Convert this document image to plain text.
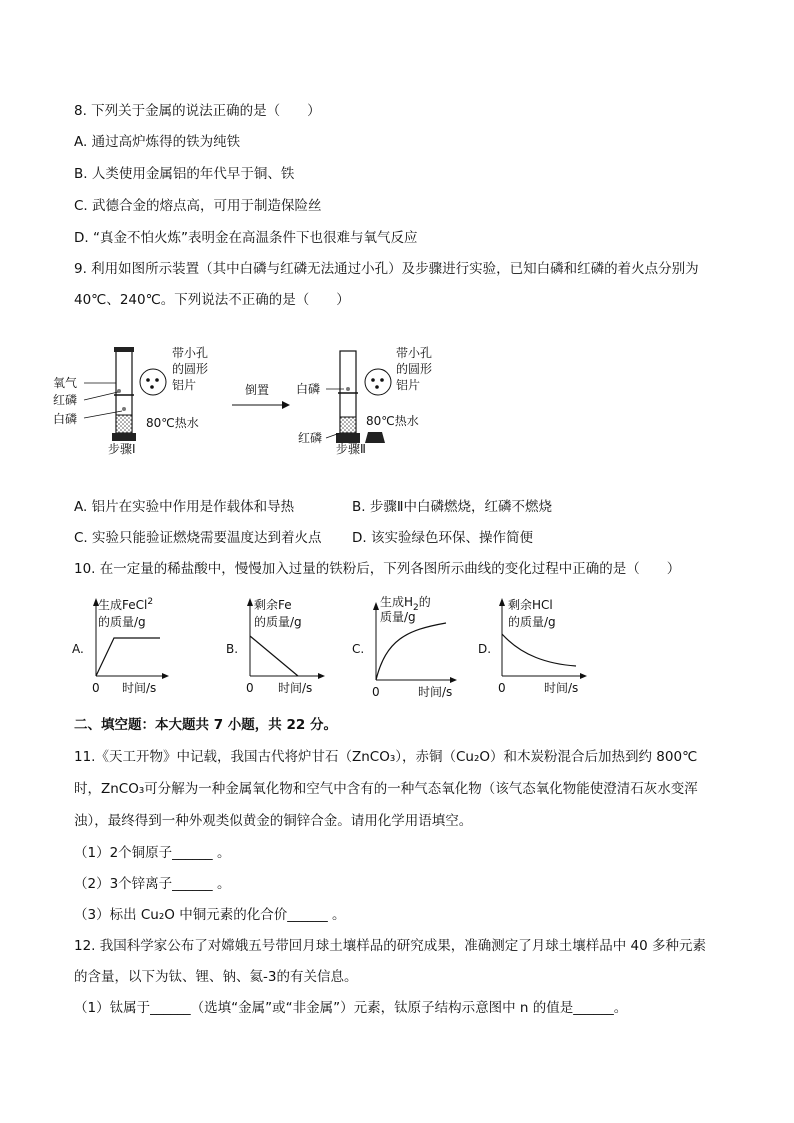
8. 下列关于金属的说法正确的是（　　）
A. 通过高炉炼得的铁为纯铁
B. 人类使用金属铝的年代早于铜、铁
C. 武德合金的熔点高，可用于制造保险丝
D. “真金不怕火炼”表明金在高温条件下也很难与氧气反应
9. 利用如图所示装置（其中白磷与红磷无法通过小孔）及步骤进行实验，已知白磷和红磷的着火点分别为
40℃、240℃。下列说法不正确的是（　　）
氧气
红磷
白磷
带小孔
的圆形
铝片
80℃热水
步骤Ⅰ
倒置 白磷
红磷
带小孔
的圆形
铝片
80℃热水
步骤Ⅱ
A. 铝片在实验中作用是作载体和导热	B. 步骤Ⅱ中白磷燃烧，红磷不燃烧
C. 实验只能验证燃烧需要温度达到着火点 D. 该实验绿色环保、操作简便
10. 在一定量的稀盐酸中，慢慢加入过量的铁粉后，下列各图所示曲线的变化过程中正确的是（　　）
A.
生成FeCl$^2$
的质量/g
0 时间/s
B.
剩余Fe
的质量/g
0 时间/s
C.
生成$H_2$的
质量/g
0	时间/s
D.
剩余HCl
的质量/g
0	时间/s
二、填空题：本大题共 7 小题，共 22 分。
11.《天工开物》中记载，我国古代将炉甘石（ZnCO₃），赤铜（Cu₂O）和木炭粉混合后加热到约 800℃
时，ZnCO₃可分解为一种金属氧化物和空气中含有的一种气态氧化物（该气态氧化物能使澄清石灰水变浑
浊），最终得到一种外观类似黄金的铜锌合金。请用化学用语填空。
（1）2个铜原子______ 。
（2）3个锌离子______ 。
（3）标出 Cu₂O 中铜元素的化合价______ 。
12. 我国科学家公布了对嫦娥五号带回月球土壤样品的研究成果，准确测定了月球土壤样品中 40 多种元素
的含量，以下为钛、锂、钠、氦-3的有关信息。
（1）钛属于______（选填“金属”或“非金属”）元素，钛原子结构示意图中 n 的值是______。
